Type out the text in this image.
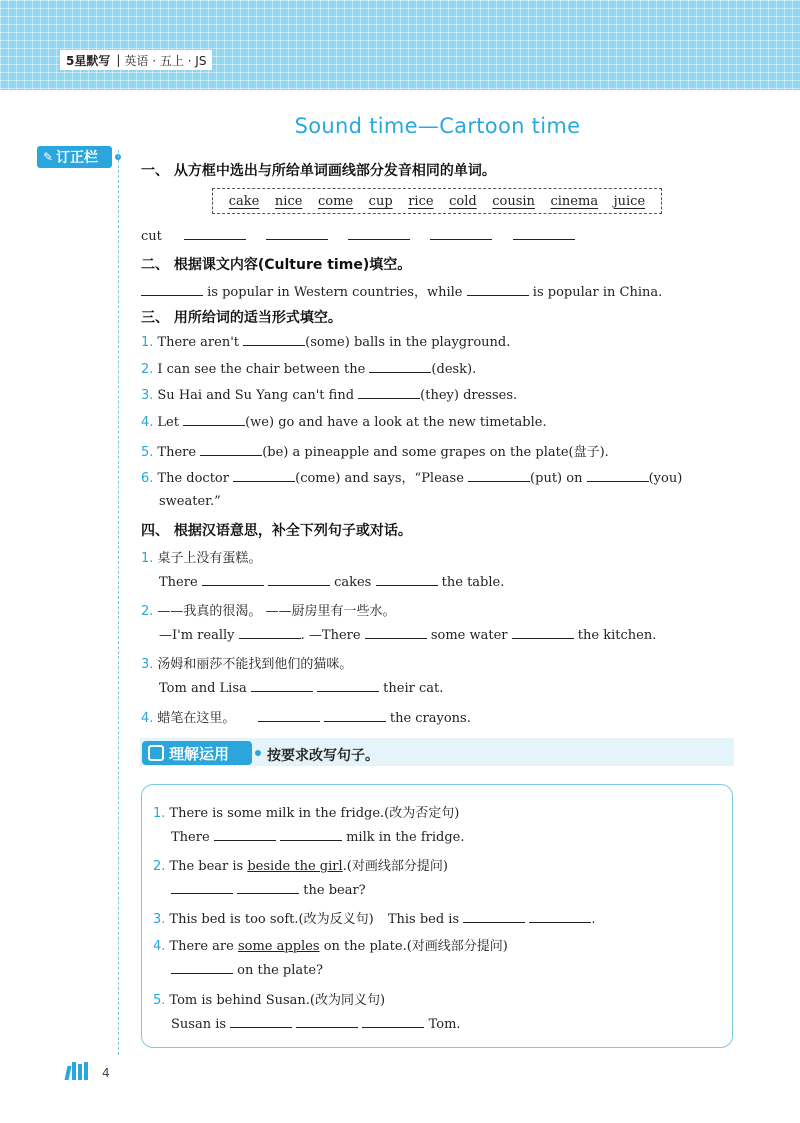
5星默写 | 英语 · 五上 · JS
✎ 订正栏
Sound time—Cartoon time
一、 从方框中选出与所给单词画线部分发音相同的单词。
cake nice come cup rice cold cousin cinema juice
cut
二、 根据课文内容(Culture time)填空。
is popular in Western countries，while	is popular in China.
三、 用所给词的适当形式填空。
1. There aren't	(some) balls in the playground.
2. I can see the chair between the	(desk).
3. Su Hai and Su Yang can't find	(they) dresses.
4. Let	(we) go and have a look at the new timetable.
5. There	(be) a pineapple and some grapes on the plate(盘子).
6. The doctor	(come) and says，“Please	(put) on	(you)
sweater.”
四、 根据汉语意思，补全下列句子或对话。
1. 桌子上没有蛋糕。
There	cakes	the table.
2. ——我真的很渴。 ——厨房里有一些水。
—I'm really	. —There	some water	the kitchen.
3. 汤姆和丽莎不能找到他们的猫咪。
Tom and Lisa	their cat.
4. 蜡笔在这里。	the crayons.
理解运用	按要求改写句子。
1. There is some milk in the fridge.(改为否定句)
There	milk in the fridge.
2. The bear is beside the girl.(对画线部分提问)
the bear?
3. This bed is too soft.(改为反义句) This bed is	.
4. There are some apples on the plate.(对画线部分提问)
on the plate?
5. Tom is behind Susan.(改为同义句)
Susan is	Tom.
4
